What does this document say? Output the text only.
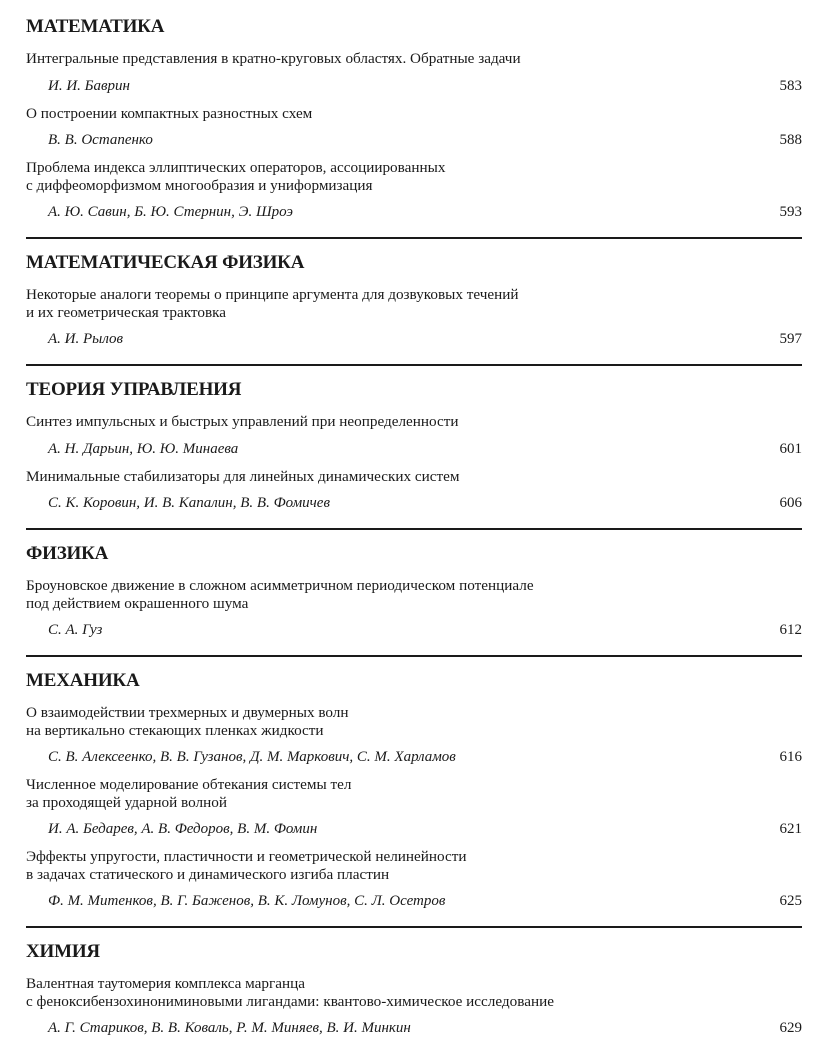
МАТЕМАТИКА

Интегральные представления в кратно-круговых областях. Обратные задачи

И. И. Баврин	583

О построении компактных разностных схем

В. В. Остапенко	588

Проблема индекса эллиптических операторов, ассоциированных
с диффеоморфизмом многообразия и униформизация

А. Ю. Савин, Б. Ю. Стернин, Э. Шроэ	593
МАТЕМАТИЧЕСКАЯ ФИЗИКА

Некоторые аналоги теоремы о принципе аргумента для дозвуковых течений
и их геометрическая трактовка

А. И. Рылов	597
ТЕОРИЯ УПРАВЛЕНИЯ

Синтез импульсных и быстрых управлений при неопределенности

А. Н. Дарьин, Ю. Ю. Минаева	601

Минимальные стабилизаторы для линейных динамических систем

С. К. Коровин, И. В. Капалин, В. В. Фомичев	606
ФИЗИКА

Броуновское движение в сложном асимметричном периодическом потенциале
под действием окрашенного шума

С. А. Гуз	612
МЕХАНИКА

О взаимодействии трехмерных и двумерных волн
на вертикально стекающих пленках жидкости

С. В. Алексеенко, В. В. Гузанов, Д. М. Маркович, С. М. Харламов	616

Численное моделирование обтекания системы тел
за проходящей ударной волной

И. А. Бедарев, А. В. Федоров, В. М. Фомин	621

Эффекты упругости, пластичности и геометрической нелинейности
в задачах статического и динамического изгиба пластин

Ф. М. Митенков, В. Г. Баженов, В. К. Ломунов, С. Л. Осетров	625
ХИМИЯ

Валентная таутомерия комплекса марганца
с феноксибензохинониминовыми лигандами: квантово-химическое исследование

А. Г. Стариков, В. В. Коваль, Р. М. Миняев, В. И. Минкин	629
